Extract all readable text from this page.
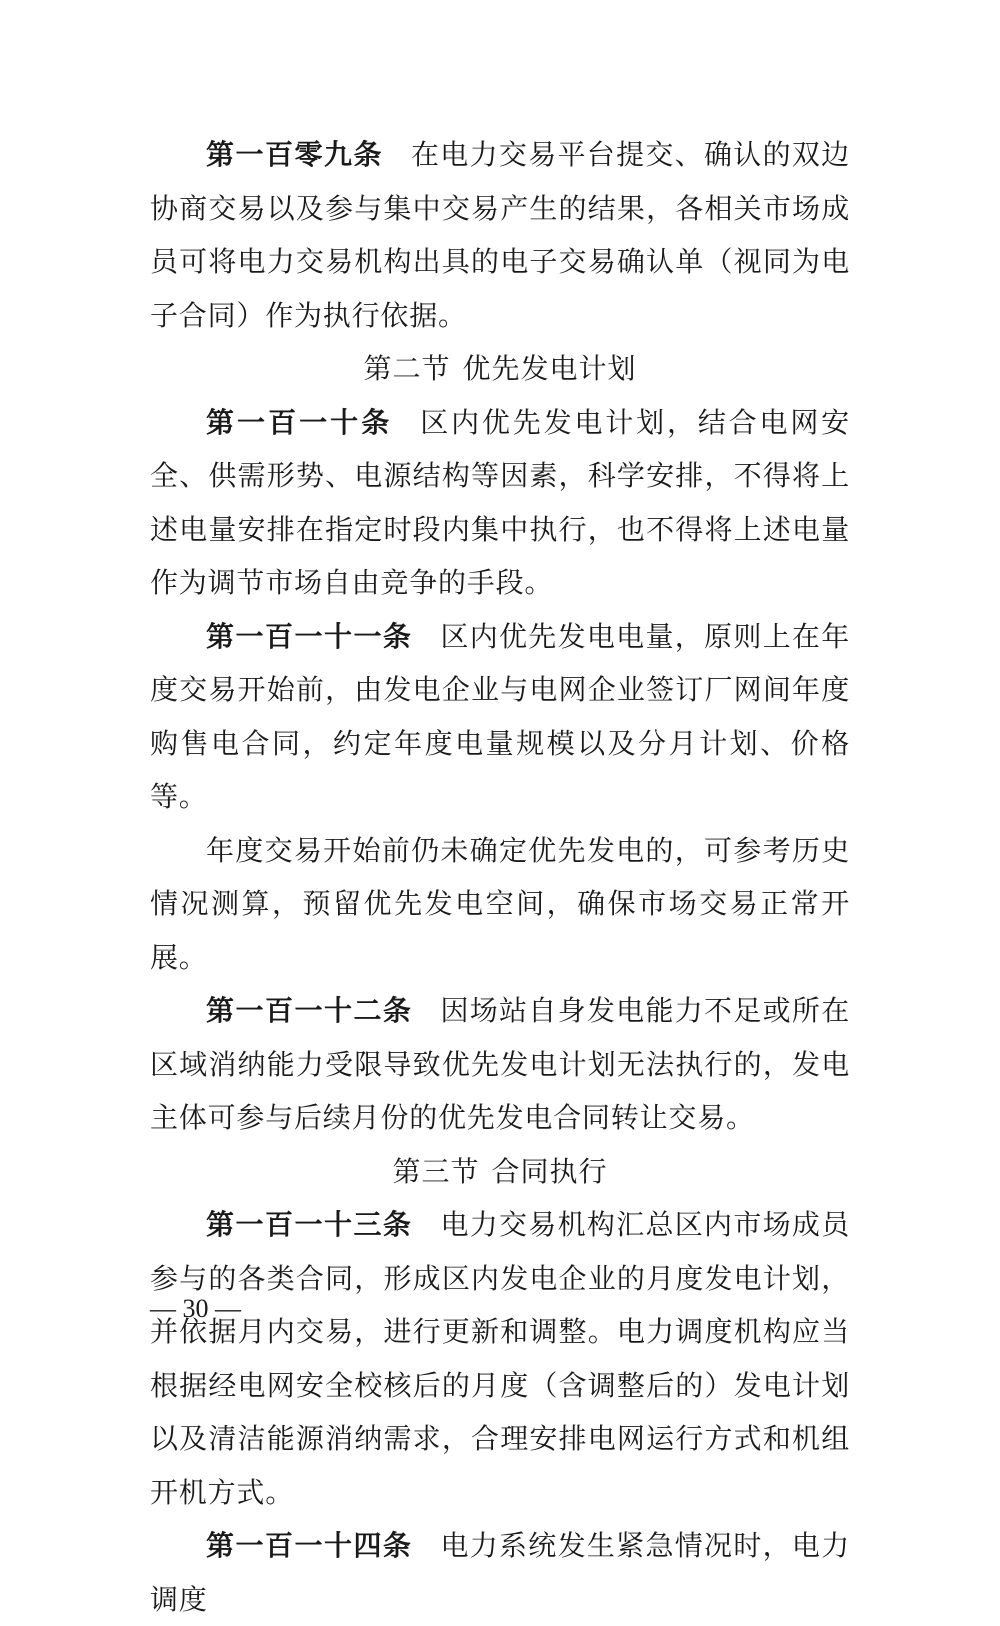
第一百零九条 在电力交易平台提交、确认的双边协商交易以及参与集中交易产生的结果，各相关市场成员可将电力交易机构出具的电子交易确认单（视同为电子合同）作为执行依据。

第二节 优先发电计划

第一百一十条 区内优先发电计划，结合电网安全、供需形势、电源结构等因素，科学安排，不得将上述电量安排在指定时段内集中执行，也不得将上述电量作为调节市场自由竞争的手段。

第一百一十一条 区内优先发电电量，原则上在年度交易开始前，由发电企业与电网企业签订厂网间年度购售电合同，约定年度电量规模以及分月计划、价格等。

年度交易开始前仍未确定优先发电的，可参考历史情况测算，预留优先发电空间，确保市场交易正常开展。

第一百一十二条 因场站自身发电能力不足或所在区域消纳能力受限导致优先发电计划无法执行的，发电主体可参与后续月份的优先发电合同转让交易。

第三节 合同执行

第一百一十三条 电力交易机构汇总区内市场成员参与的各类合同，形成区内发电企业的月度发电计划，并依据月内交易，进行更新和调整。电力调度机构应当根据经电网安全校核后的月度（含调整后的）发电计划以及清洁能源消纳需求，合理安排电网运行方式和机组开机方式。

第一百一十四条 电力系统发生紧急情况时，电力调度

— 30 —
